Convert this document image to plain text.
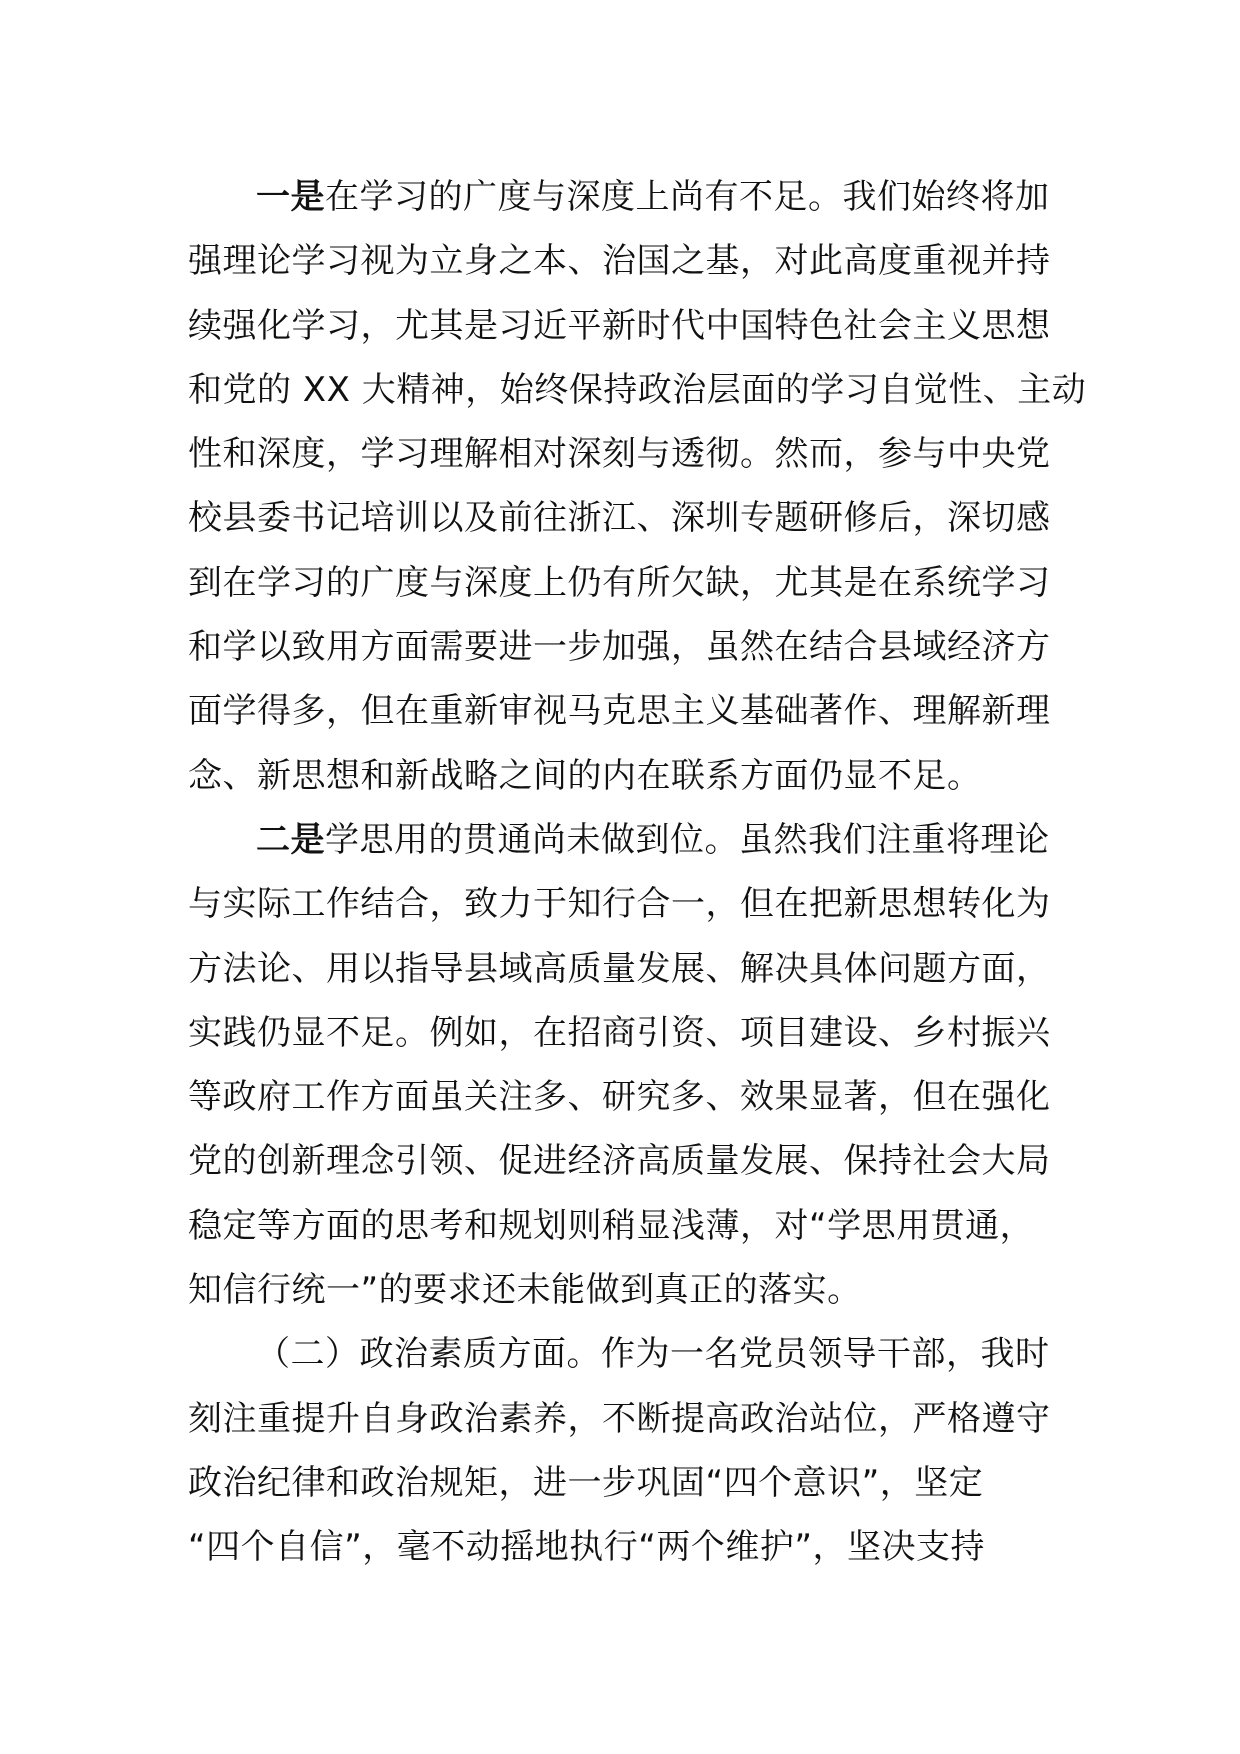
一是在学习的广度与深度上尚有不足。我们始终将加
强理论学习视为立身之本、治国之基，对此高度重视并持
续强化学习，尤其是习近平新时代中国特色社会主义思想
和党的 XX 大精神，始终保持政治层面的学习自觉性、主动
性和深度，学习理解相对深刻与透彻。然而，参与中央党
校县委书记培训以及前往浙江、深圳专题研修后，深切感
到在学习的广度与深度上仍有所欠缺，尤其是在系统学习
和学以致用方面需要进一步加强，虽然在结合县域经济方
面学得多，但在重新审视马克思主义基础著作、理解新理
念、新思想和新战略之间的内在联系方面仍显不足。
二是学思用的贯通尚未做到位。虽然我们注重将理论
与实际工作结合，致力于知行合一，但在把新思想转化为
方法论、用以指导县域高质量发展、解决具体问题方面，
实践仍显不足。例如，在招商引资、项目建设、乡村振兴
等政府工作方面虽关注多、研究多、效果显著，但在强化
党的创新理念引领、促进经济高质量发展、保持社会大局
稳定等方面的思考和规划则稍显浅薄，对“学思用贯通，
知信行统一”的要求还未能做到真正的落实。
（二）政治素质方面。作为一名党员领导干部，我时
刻注重提升自身政治素养，不断提高政治站位，严格遵守
政治纪律和政治规矩，进一步巩固“四个意识”，坚定
“四个自信”，毫不动摇地执行“两个维护”，坚决支持
